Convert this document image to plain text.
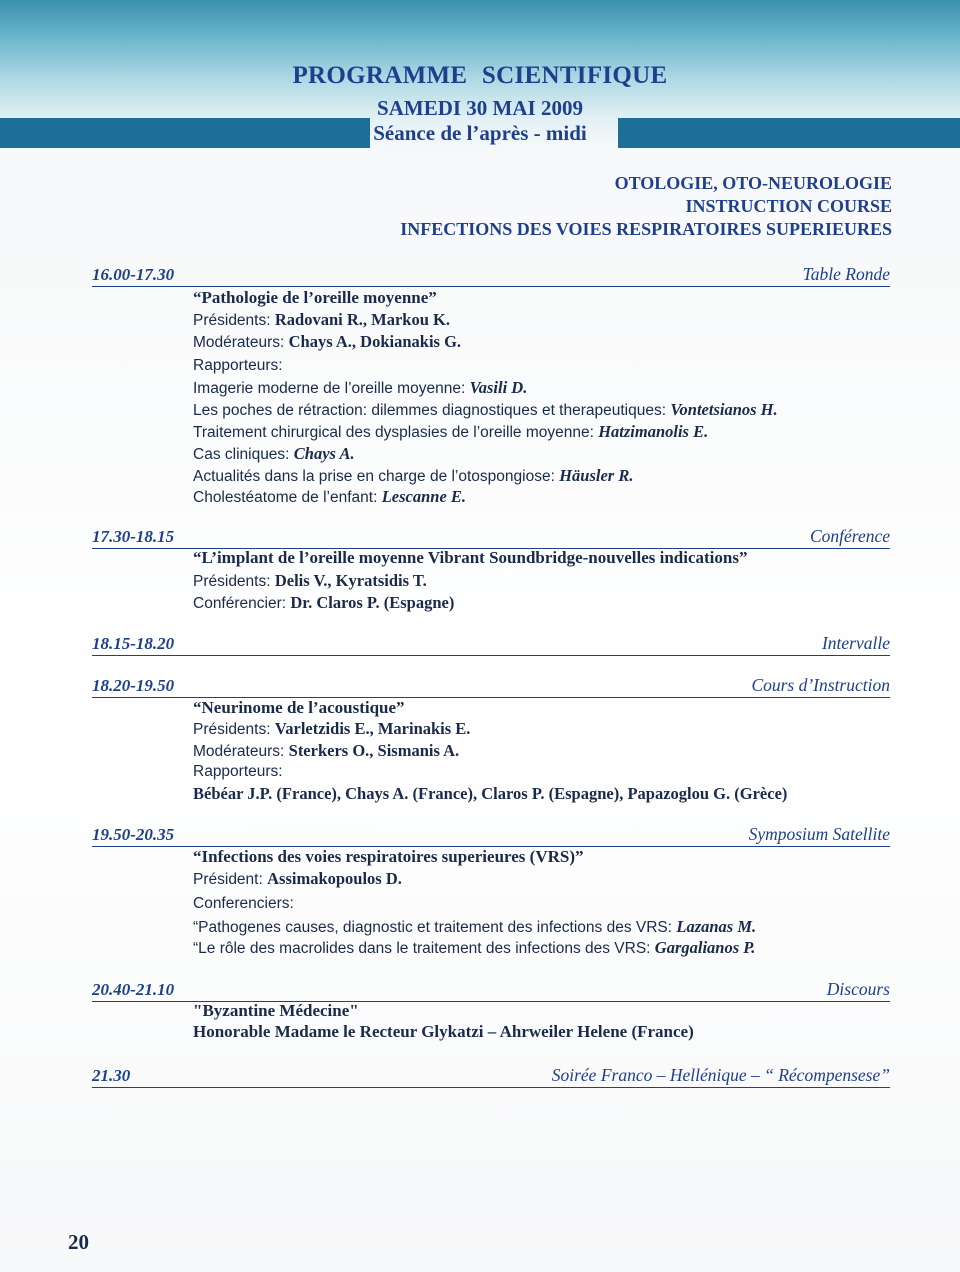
PROGRAMME SCIENTIFIQUE
SAMEDI 30 MAI 2009
Séance de l’après - midi
OTOLOGIE, OTO-NEUROLOGIE
INSTRUCTION COURSE
INFECTIONS DES VOIES RESPIRATOIRES SUPERIEURES
16.00-17.30	Table Ronde
“Pathologie de l’oreille moyenne”
Présidents: Radovani R., Markou K.
Modérateurs: Chays A., Dokianakis G.
Rapporteurs:
Imagerie moderne de l’oreille moyenne: Vasili D.
Les poches de rétraction: dilemmes diagnostiques et therapeutiques: Vontetsianos H.
Traitement chirurgical des dysplasies de l’oreille moyenne: Hatzimanolis E.
Cas cliniques: Chays A.
Actualités dans la prise en charge de l’otospongiose: Häusler R.
Cholestéatome de l’enfant: Lescanne E.
17.30-18.15	Conférence
“L’implant de l’oreille moyenne Vibrant Soundbridge-nouvelles indications”
Présidents: Delis V., Kyratsidis T.
Conférencier: Dr. Claros P. (Espagne)
18.15-18.20	Intervalle
18.20-19.50	Cours d’Instruction
“Neurinome de l’acoustique”
Présidents: Varletzidis E., Marinakis E.
Modérateurs: Sterkers O., Sismanis A.
Rapporteurs:
Bébéar J.P. (France), Chays A. (France), Claros P. (Espagne), Papazoglou G. (Grèce)
19.50-20.35	Symposium Satellite
“Infections des voies respiratoires superieures (VRS)”
Président: Assimakopoulos D.
Conferenciers:
“Pathogenes causes, diagnostic et traitement des infections des VRS: Lazanas M.
“Le rôle des macrolides dans le traitement des infections des VRS: Gargalianos P.
20.40-21.10	Discours
"Byzantine Médecine"
Honorable Madame le Recteur Glykatzi – Ahrweiler Helene (France)
21.30	Soirée Franco – Hellénique – “ Récompensese”
20
